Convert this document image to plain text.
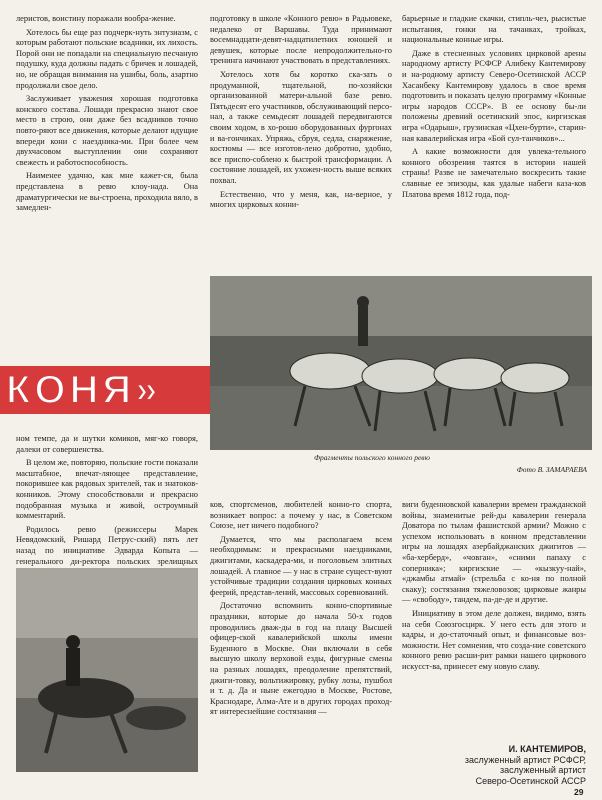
леристов, воистину поражали вообра-жение.

Хотелось бы еще раз подчерк-нуть энтузиазм, с которым работают польские всадники, их лихость. Порой они не попадали на специальную песчаную подушку, куда должны падать с бричек и лошадей, но, не обращая внимания на ушибы, боль, азартно продолжали свое дело.

Заслуживает уважения хорошая подготовка конского состава. Лошади прекрасно знают свое место в строю, они даже без всадников точно повто-ряют все движения, которые делают идущие впереди кони с наездника-ми. При более чем двухчасовом выступлении они сохраняют свежесть и работоспособность.

Наименее удачно, как мне кажет-ся, была представлена в ревю клоу-нада. Она драматургически не вы-строена, проходила вяло, в замедлен-

подготовку в школе «Конного ревю» в Радьювеке, недалеко от Варшавы. Туда принимают восемнадцати-девят-надцатилетних юношей и девушек, которые после непродолжительно-го тренинга начинают участвовать в представлениях.

Хотелось хотя бы коротко ска-зать о продуманной, тщательной, по-хозяйски организованной матери-альной базе ревю. Пятьдесят его участников, обслуживающий персо-нал, а также семьдесят лошадей передвигаются своим ходом, в хо-рошо оборудованных фургонах и ва-гончиках. Упряжь, сбруя, седла, снаряжение, костюмы — все изготов-лено добротно, удобно, все приспо-соблено к быстрой трансформации. А состояние лошадей, их ухожен-ность выше всяких похвал.

Естественно, что у меня, как, на-верное, у многих цирковых конни-

барьерные и гладкие скачки, стипль-чез, рысистые испытания, гонки на тачанках, тройках, национальные конные игры.

Даже в стесненных условиях цирковой арены народному артисту РСФСР Алибеку Кантемирову и на-родному артисту Северо-Осетинской АССР Хасанбеку Кантемирову удалось в свое время подготовить и показать целую программу «Конные игры народов СССР». В ее основу бы-ли положены древний осетинский эпос, киргизская игра «Одарыш», грузинская «Цхен-бурти», старин-ная кавалерийская игра «Бой сул-танчиков»...

А какие возможности для увлека-тельного конного обозрения таятся в истории нашей страны! Разве не замечательно воскресить такие славные ее эпизоды, как удалые набеги каза-ков Платова время 1812 года, под-

КОНЯ»

ном темпе, да и шутки комиков, мяг-ко говоря, далеки от совершенства.

В целом же, повторяю, польские гости показали масштабное, впечат-ляющее представление, покорившее как рядовых зрителей, так и знатоков-конников. Этому способствовали и прекрасно подобранная музыка и живой, остроумный комментарий.

Родилось ревю (режиссеры Марек Невядомский, Ришард Петрус-ский) пять лет назад по инициативе Эдварда Копыта — генерального ди-ректора польских зрелищных

Фрагменты польского конного ревю
Фото В. ЗАМАРАЕВА

ков, спортсменов, любителей конно-го спорта, возникает вопрос: а почему у нас, в Советском Союзе, нет ничего подобного?

Думается, что мы располагаем всем необходимым: и прекрасными наездниками, джигитами, каскадера-ми, и поголовьем элитных лошадей. А главное — у нас в стране сущест-вуют устойчивые традиции создания цирковых конных феерий, представ-лений, массовых соревнований.

Достаточно вспомнить конно-спортивные праздники, которые до начала 50-х годов проводились дваж-ды в год на плацу Высшей офицер-ской кавалерийской школы имени Буденного в Москве. Они включали в себя высшую школу верховой езды, фигурные смены на разных лошадях, преодоление препятствий, джиги-товку, вольтижировку, рубку лозы, пушбол и т. д. Да и ныне ежегодно в Москве, Ростове, Краснодаре, Алма-Ате и в других городах проход-ят интереснейшие состязания —

виги буденновской кавалерии времен гражданской войны, знаменитые рей-ды кавалерии генерала Доватора по тылам фашистской армии? Можно с успехом использовать в конном представлении игры на лошадях азербайджанских джигитов — «ба-херберд», «човган», «сними папаху с соперника»; киргизские — «кызкуу-най», «джамбы атмай» (стрельба с ко-ня по полной скаку); состязания тяжеловозов; цирковые жанры — «свободу», тандем, па-де-де и другие.

Инициативу в этом деле должен, видимо, взять на себя Союзгосцирк. У него есть для этого и кадры, и до-статочный опыт, и финансовые воз-можности. Нет сомнения, что созда-ние советского конного ревю расши-рит рамки нашего циркового искусст-ва, принесет ему новую славу.

И. КАНТЕМИРОВ,
заслуженный артист РСФСР,
заслуженный артист
Северо-Осетинской АССР
29
